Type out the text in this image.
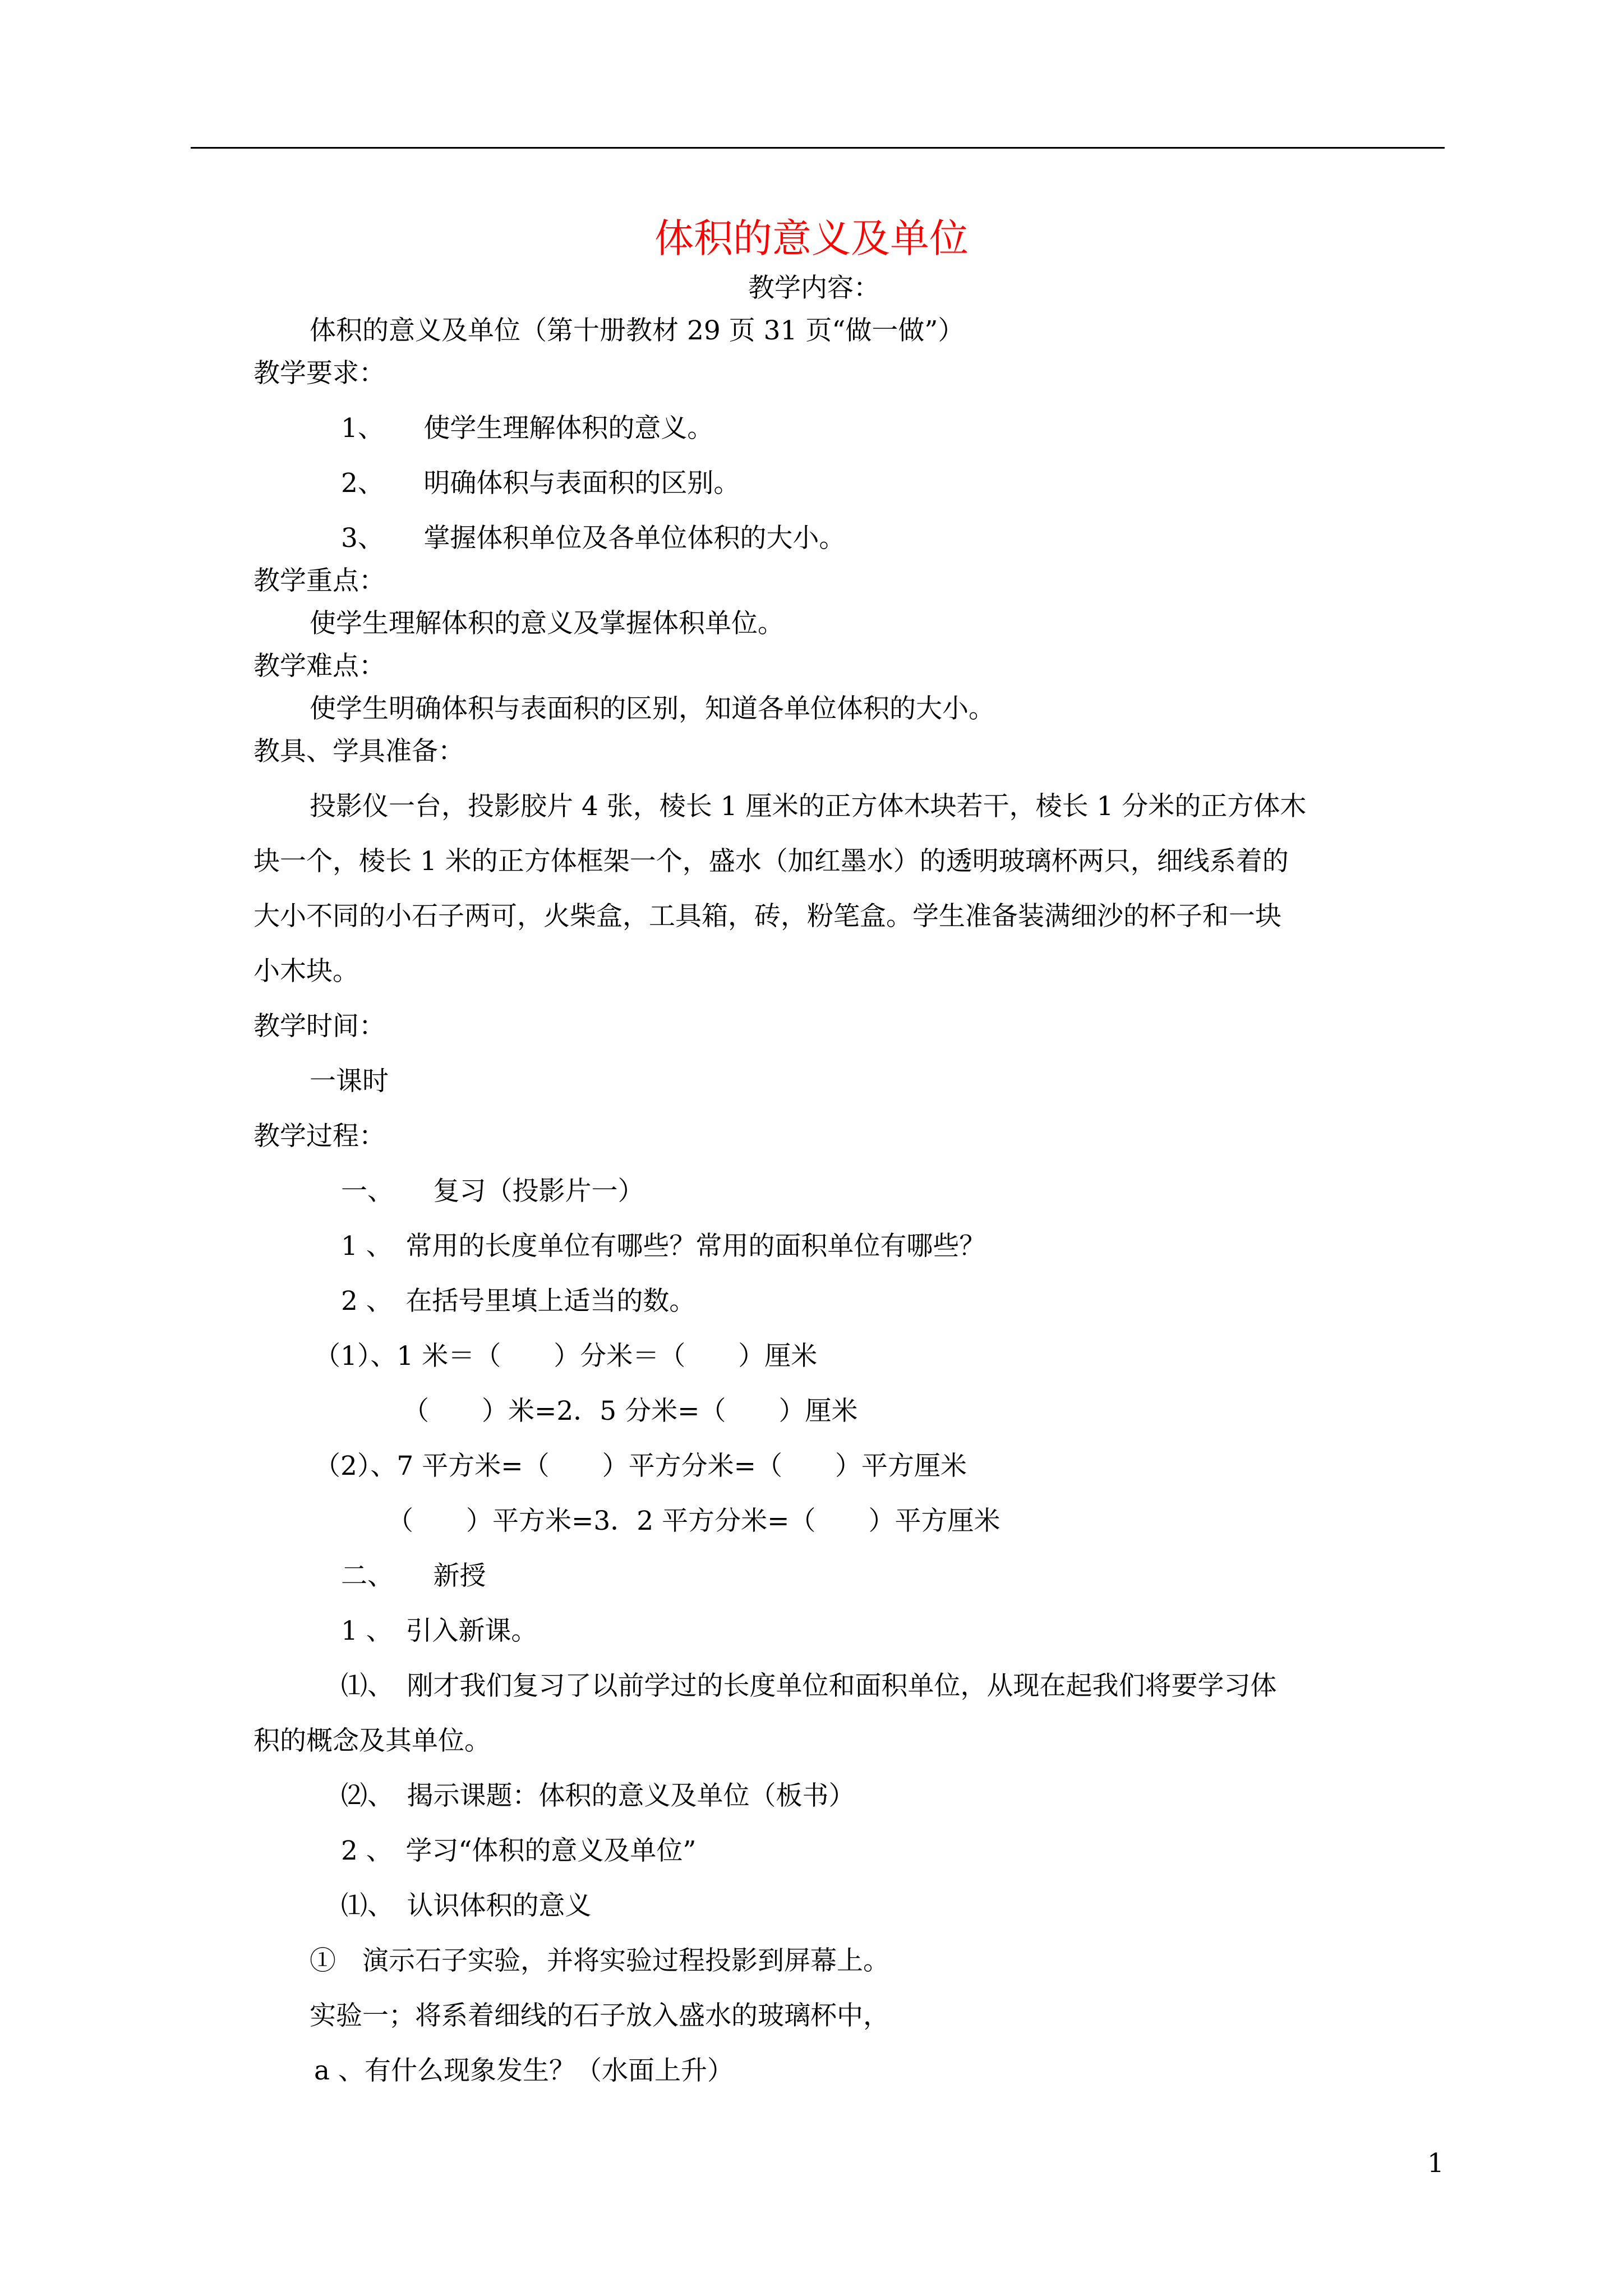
体积的意义及单位
教学内容：
体积的意义及单位（第十册教材 29 页 31 页“做一做”）
教学要求：
1、　　使学生理解体积的意义。
2、　　明确体积与表面积的区别。
3、　　掌握体积单位及各单位体积的大小。
教学重点：
使学生理解体积的意义及掌握体积单位。
教学难点：
使学生明确体积与表面积的区别，知道各单位体积的大小。
教具、学具准备：
投影仪一台，投影胶片 4 张，棱长 1 厘米的正方体木块若干，棱长 1 分米的正方体木
块一个，棱长 1 米的正方体框架一个，盛水（加红墨水）的透明玻璃杯两只，细线系着的
大小不同的小石子两可，火柴盒，工具箱，砖，粉笔盒。学生准备装满细沙的杯子和一块
小木块。
教学时间：
一课时
教学过程：
一、　　复习（投影片一）
1 、　常用的长度单位有哪些？常用的面积单位有哪些？
2 、　在括号里填上适当的数。
（1）、1 米＝（　　）分米＝（　　）厘米
（　　）米=2．5 分米=（　　）厘米
（2）、7 平方米=（　　）平方分米=（　　）平方厘米
（　　）平方米=3．2 平方分米=（　　）平方厘米
二、　　新授
1 、　引入新课。
⑴、　刚才我们复习了以前学过的长度单位和面积单位，从现在起我们将要学习体
积的概念及其单位。
⑵、　揭示课题：体积的意义及单位（板书）
2 、　学习“体积的意义及单位”
⑴、　认识体积的意义
①　演示石子实验，并将实验过程投影到屏幕上。
实验一；将系着细线的石子放入盛水的玻璃杯中，
a 、有什么现象发生？（水面上升）
1
